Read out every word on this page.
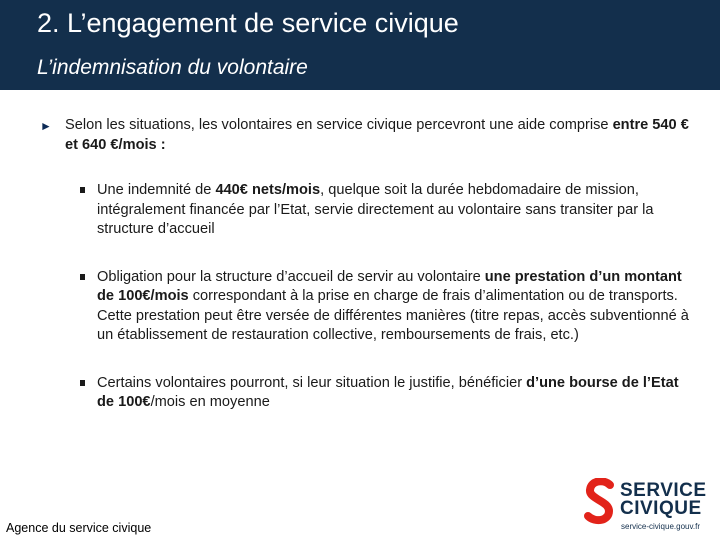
2. L’engagement de service civique
L’indemnisation du volontaire
► Selon les situations, les volontaires en service civique percevront une aide comprise entre 540 € et 640 €/mois :
Une indemnité de 440€ nets/mois, quelque soit la durée hebdomadaire de mission, intégralement financée par l’Etat, servie directement au volontaire sans transiter par la structure d’accueil
Obligation pour la structure d’accueil de servir au volontaire une prestation d’un montant de 100€/mois correspondant à la prise en charge de frais d’alimentation ou de transports. Cette prestation peut être versée de différentes manières (titre repas, accès subventionné à un établissement de restauration collective, remboursements de frais, etc.)
Certains volontaires pourront, si leur situation le justifie, bénéficier d’une bourse de l’Etat de 100€/mois en moyenne
SERVICE
CIVIQUE
service-civique.gouv.fr
Agence du service civique
